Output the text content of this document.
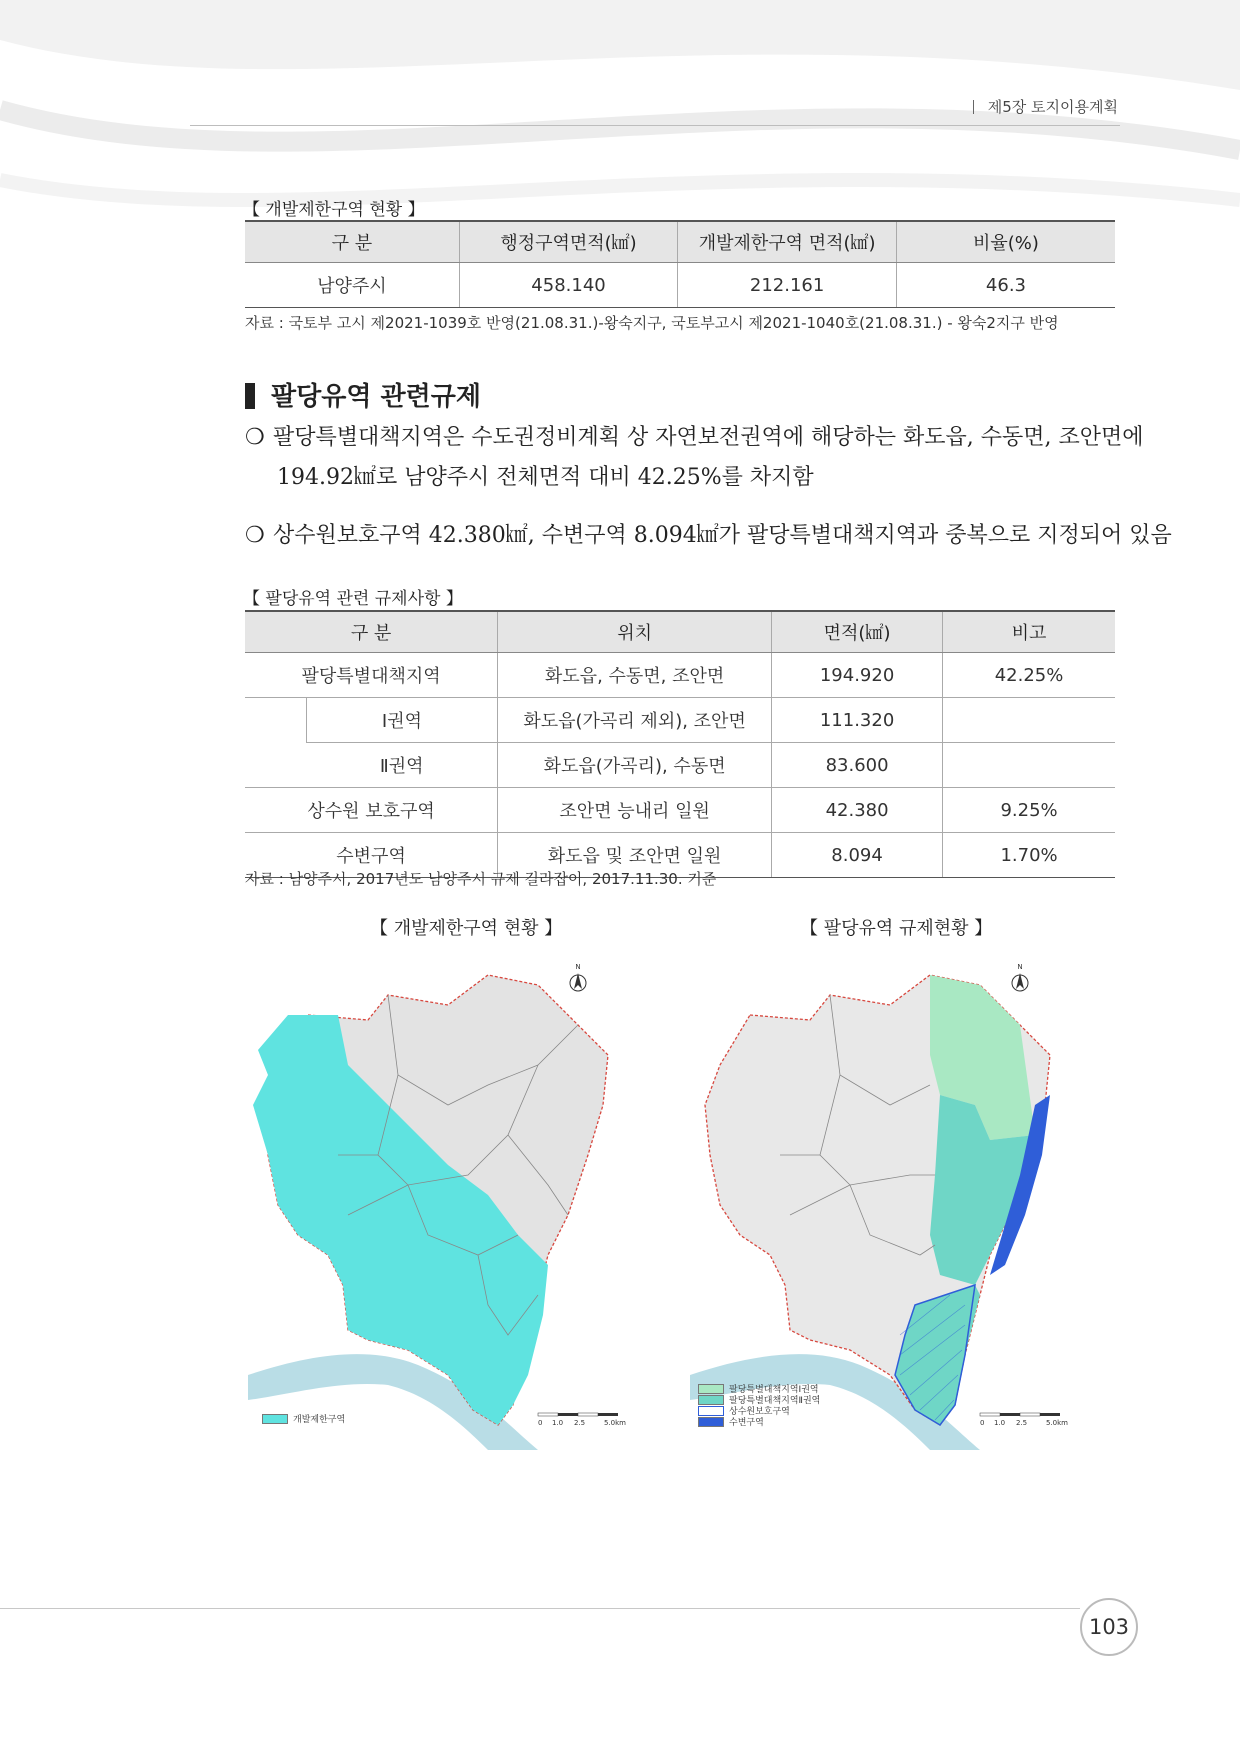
제5장 토지이용계획
【 개발제한구역 현황 】
구 분	행정구역면적(㎢)	개발제한구역 면적(㎢)	비율(%)
남양주시	458.140	212.161	46.3
자료 : 국토부 고시 제2021-1039호 반영(21.08.31.)-왕숙지구, 국토부고시 제2021-1040호(21.08.31.) - 왕숙2지구 반영
팔당유역 관련규제
❍ 팔당특별대책지역은 수도권정비계획 상 자연보전권역에 해당하는 화도읍, 수동면, 조안면에
194.92㎢로 남양주시 전체면적 대비 42.25%를 차지함
❍ 상수원보호구역 42.380㎢, 수변구역 8.094㎢가 팔당특별대책지역과 중복으로 지정되어 있음
【 팔당유역 관련 규제사항 】
구 분		위치	면적(㎢)	비고
팔당특별대책지역		화도읍, 수동면, 조안면	194.920	42.25%
	Ⅰ권역	화도읍(가곡리 제외), 조안면	111.320	
	Ⅱ권역	화도읍(가곡리), 수동면	83.600	
상수원 보호구역		조안면 능내리 일원	42.380	9.25%
수변구역		화도읍 및 조안면 일원	8.094	1.70%
자료 : 남양주시, 2017년도 남양주시 규제 길라잡이, 2017.11.30. 기준
【 개발제한구역 현황 】	【 팔당유역 규제현황 】
N
0 1.0 2.5	5.0km
개발제한구역
N
0 1.0 2.5	5.0km
팔당특별대책지역Ⅰ권역
팔당특별대책지역Ⅱ권역
상수원보호구역
수변구역
103
